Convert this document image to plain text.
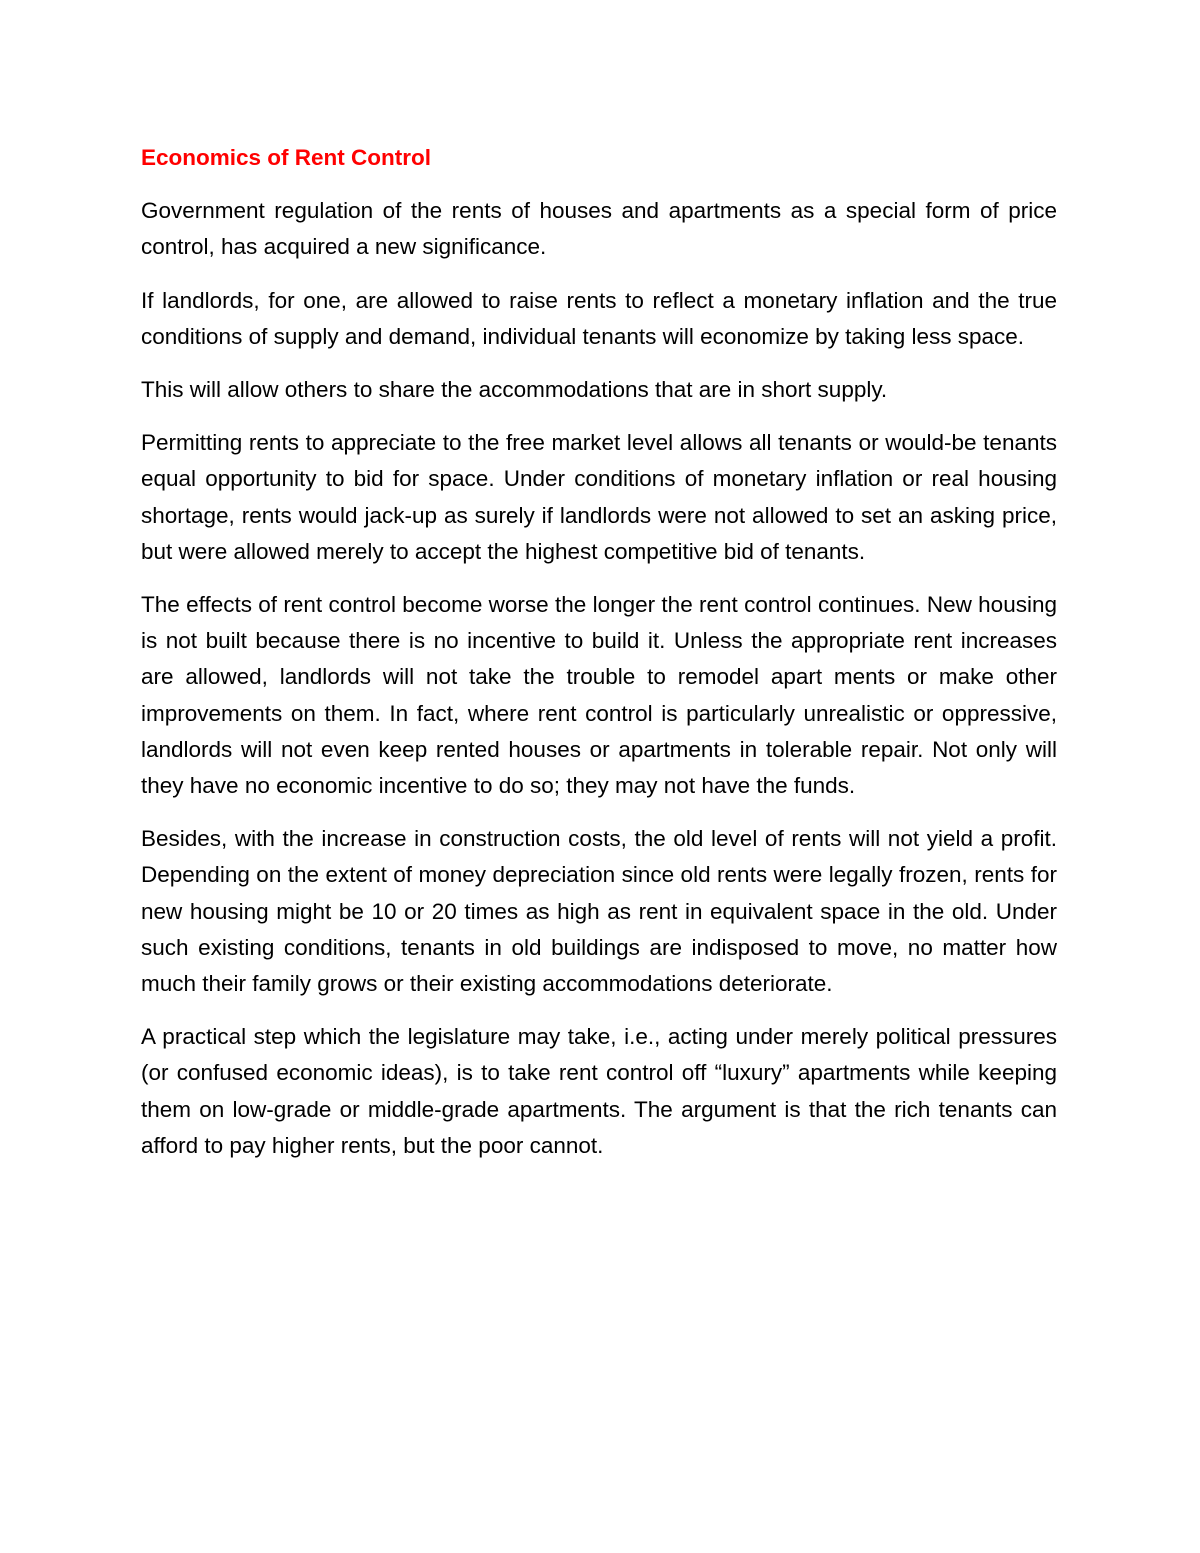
Economics of Rent Control

Government regulation of the rents of houses and apartments as a special form of price control, has acquired a new significance.

If landlords, for one, are allowed to raise rents to reflect a monetary inflation and the true conditions of supply and demand, individual tenants will economize by taking less space.

This will allow others to share the accommodations that are in short supply.

Permitting rents to appreciate to the free market level allows all tenants or would-be tenants equal opportunity to bid for space. Under conditions of monetary inflation or real housing shortage, rents would jack-up as surely if landlords were not allowed to set an asking price, but were allowed merely to accept the highest competitive bid of tenants.

The effects of rent control become worse the longer the rent control continues. New housing is not built because there is no incentive to build it. Unless the appropriate rent increases are allowed, landlords will not take the trouble to remodel apart ments or make other improvements on them. In fact, where rent control is particularly unrealistic or oppressive, landlords will not even keep rented houses or apartments in tolerable repair. Not only will they have no economic incentive to do so; they may not have the funds.

Besides, with the increase in construction costs, the old level of rents will not yield a profit. Depending on the extent of money depreciation since old rents were legally frozen, rents for new housing might be 10 or 20 times as high as rent in equivalent space in the old. Under such existing conditions, tenants in old buildings are indisposed to move, no matter how much their family grows or their existing accommodations deteriorate.

A practical step which the legislature may take, i.e., acting under merely political pressures (or confused economic ideas), is to take rent control off “luxury” apartments while keeping them on low-grade or middle-grade apartments. The argument is that the rich tenants can afford to pay higher rents, but the poor cannot.
